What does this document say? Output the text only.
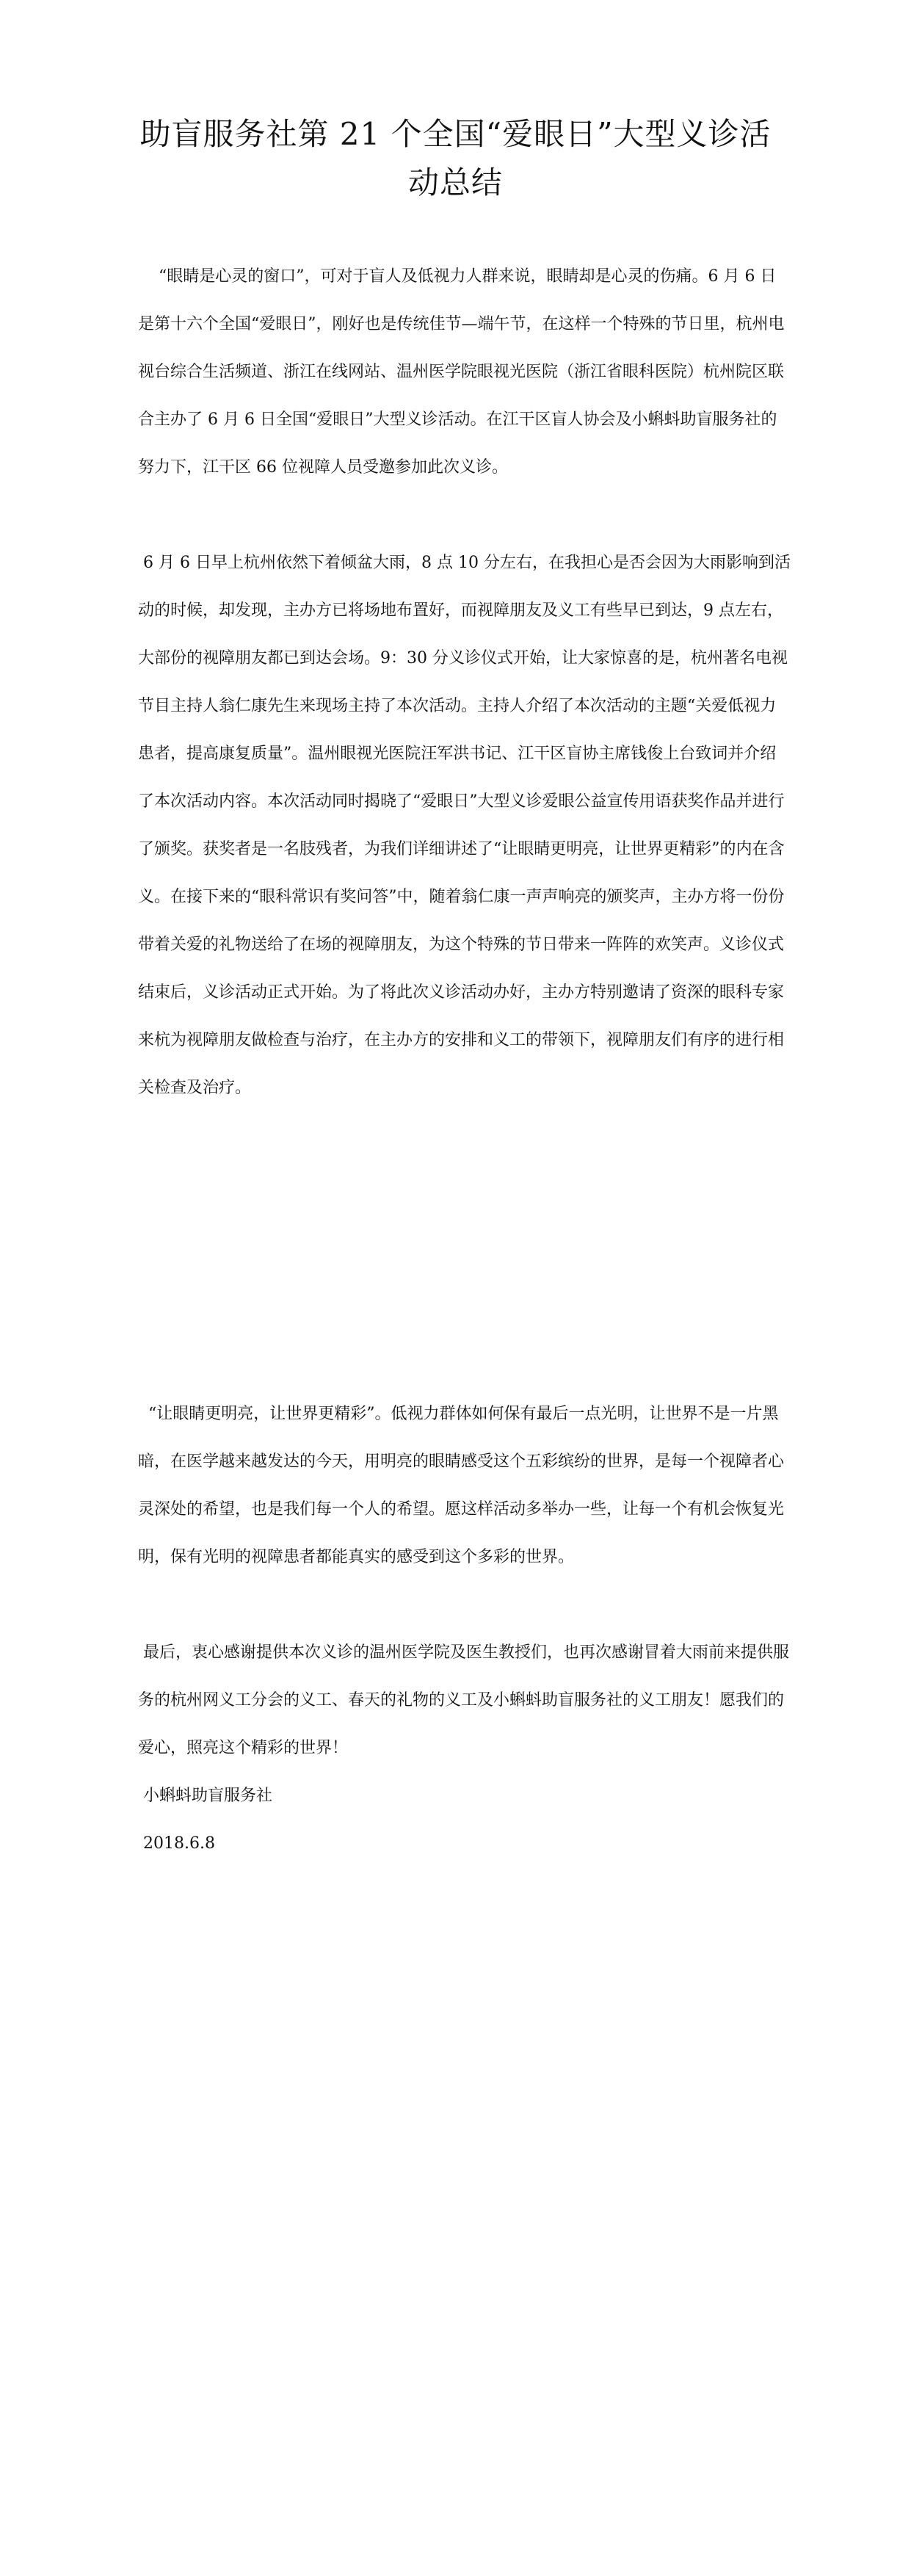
助盲服务社第 21 个全国“爱眼日”大型义诊活动总结

“眼睛是心灵的窗口”，可对于盲人及低视力人群来说，眼睛却是心灵的伤痛。6 月 6 日是第十六个全国“爱眼日”，刚好也是传统佳节—端午节，在这样一个特殊的节日里，杭州电视台综合生活频道、浙江在线网站、温州医学院眼视光医院（浙江省眼科医院）杭州院区联合主办了 6 月 6 日全国“爱眼日”大型义诊活动。在江干区盲人协会及小蝌蚪助盲服务社的努力下，江干区 66 位视障人员受邀参加此次义诊。

6 月 6 日早上杭州依然下着倾盆大雨，8 点 10 分左右，在我担心是否会因为大雨影响到活动的时候，却发现，主办方已将场地布置好，而视障朋友及义工有些早已到达，9 点左右，大部份的视障朋友都已到达会场。9：30 分义诊仪式开始，让大家惊喜的是，杭州著名电视节目主持人翁仁康先生来现场主持了本次活动。主持人介绍了本次活动的主题“关爱低视力患者，提高康复质量”。温州眼视光医院汪军洪书记、江干区盲协主席钱俊上台致词并介绍了本次活动内容。本次活动同时揭晓了“爱眼日”大型义诊爱眼公益宣传用语获奖作品并进行了颁奖。获奖者是一名肢残者，为我们详细讲述了“让眼睛更明亮，让世界更精彩”的内在含义。在接下来的“眼科常识有奖问答”中，随着翁仁康一声声响亮的颁奖声，主办方将一份份带着关爱的礼物送给了在场的视障朋友，为这个特殊的节日带来一阵阵的欢笑声。义诊仪式结束后，义诊活动正式开始。为了将此次义诊活动办好，主办方特别邀请了资深的眼科专家来杭为视障朋友做检查与治疗，在主办方的安排和义工的带领下，视障朋友们有序的进行相关检查及治疗。

“让眼睛更明亮，让世界更精彩”。低视力群体如何保有最后一点光明，让世界不是一片黑暗，在医学越来越发达的今天，用明亮的眼睛感受这个五彩缤纷的世界，是每一个视障者心灵深处的希望，也是我们每一个人的希望。愿这样活动多举办一些，让每一个有机会恢复光明，保有光明的视障患者都能真实的感受到这个多彩的世界。

最后，衷心感谢提供本次义诊的温州医学院及医生教授们，也再次感谢冒着大雨前来提供服务的杭州网义工分会的义工、春天的礼物的义工及小蝌蚪助盲服务社的义工朋友！愿我们的爱心，照亮这个精彩的世界！

小蝌蚪助盲服务社

2018.6.8
